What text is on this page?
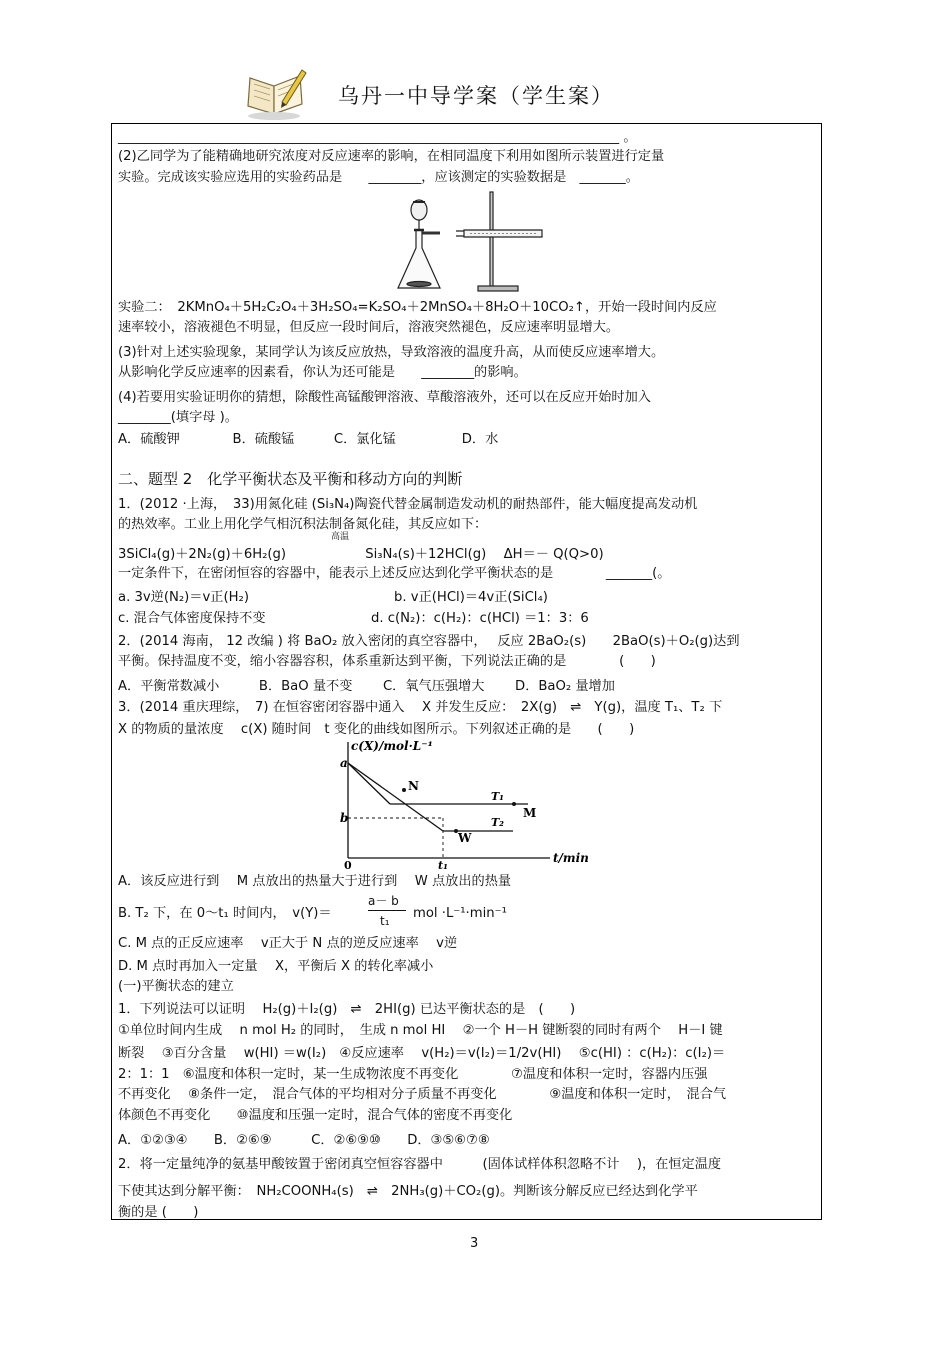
乌丹一中导学案（学生案）
____________________________________________________________________________ 。
(2)乙同学为了能精确地研究浓度对反应速率的影响，在相同温度下利用如图所示装置进行定量
实验。完成该实验应选用的实验药品是　　________，应该测定的实验数据是　_______。
实验二：　2KMnO₄＋5H₂C₂O₄＋3H₂SO₄=K₂SO₄＋2MnSO₄＋8H₂O＋10CO₂↑，开始一段时间内反应
速率较小，溶液褪色不明显，但反应一段时间后，溶液突然褪色，反应速率明显增大。
(3)针对上述实验现象，某同学认为该反应放热，导致溶液的温度升高，从而使反应速率增大。
从影响化学反应速率的因素看，你认为还可能是　　________的影响。
(4)若要用实验证明你的猜想，除酸性高锰酸钾溶液、草酸溶液外，还可以在反应开始时加入
________(填字母 )。
A．硫酸钾　　　　B．硫酸锰　　　C．氯化锰　　　　　D．水
二、题型 2　化学平衡状态及平衡和移动方向的判断
1．(2012 ·上海，　33)用氮化硅 (Si₃N₄)陶瓷代替金属制造发动机的耐热部件，能大幅度提高发动机
的热效率。工业上用化学气相沉积法制备氮化硅，其反应如下：
高温
3SiCl₄(g)＋2N₂(g)＋6H₂(g)　　　　　　Si₃N₄(s)＋12HCl(g)　 ΔH＝－ Q(Q>0)
一定条件下，在密闭恒容的容器中，能表示上述反应达到化学平衡状态的是　　　　_______(。
a. 3v逆(N₂)＝v正(H₂)　　　　　　　　　　　b. v正(HCl)＝4v正(SiCl₄)
c. 混合气体密度保持不变　　　　　　　　d. c(N₂)：c(H₂)：c(HCl) ＝1：3：6
2．(2014 海南， 12 改编 ) 将 BaO₂ 放入密闭的真空容器中，　 反应 2BaO₂(s)　　2BaO(s)＋O₂(g)达到
平衡。保持温度不变，缩小容器容积，体系重新达到平衡，下列说法正确的是　　　　(　　)
A．平衡常数减小　　　B．BaO 量不变　　 C．氧气压强增大　　 D．BaO₂ 量增加
3．(2014 重庆理综，　7) 在恒容密闭容器中通入　 X 并发生反应：　2X(g)　⇌　Y(g)，温度 T₁、T₂ 下
X 的物质的量浓度　 c(X) 随时间　t 变化的曲线如图所示。下列叙述正确的是　　(　　)
A．该反应进行到　 M 点放出的热量大于进行到　 W 点放出的热量
B. T₂ 下，在 0～t₁ 时间内，　v(Y)＝
a－ b
t₁ mol ·L⁻¹·min⁻¹
C. M 点的正反应速率　 v正大于 N 点的逆反应速率　 v逆
D. M 点时再加入一定量　 X，平衡后 X 的转化率减小
(一)平衡状态的建立
1．下列说法可以证明　 H₂(g)＋I₂(g)　⇌　2HI(g) 已达平衡状态的是　(　　)
①单位时间内生成　 n mol H₂ 的同时，　生成 n mol HI　 ②一个 H－H 键断裂的同时有两个　 H－I 键
断裂　 ③百分含量　 w(HI) ＝w(I₂)　④反应速率　 v(H₂)＝v(I₂)＝1/2v(HI)　 ⑤c(HI) ：c(H₂)：c(I₂)＝
2：1：1　⑥温度和体积一定时，某一生成物浓度不再变化　　　　⑦温度和体积一定时，容器内压强
不再变化　 ⑧条件一定，　混合气体的平均相对分子质量不再变化　　　　⑨温度和体积一定时，　混合气
体颜色不再变化　　⑩温度和压强一定时，混合气体的密度不再变化
A．①②③④　　B．②⑥⑨　　　C．②⑥⑨⑩　　D．③⑤⑥⑦⑧
2．将一定量纯净的氨基甲酸铵置于密闭真空恒容容器中　　　(固体试样体积忽略不计　 )，在恒定温度
下使其达到分解平衡：　NH₂COONH₄(s)　⇌　2NH₃(g)＋CO₂(g)。判断该分解反应已经达到化学平
衡的是 (　　)
c(X)/mol·L⁻¹
t/min
a
b
0	t₁
N
M
W
T₁
T₂
3
